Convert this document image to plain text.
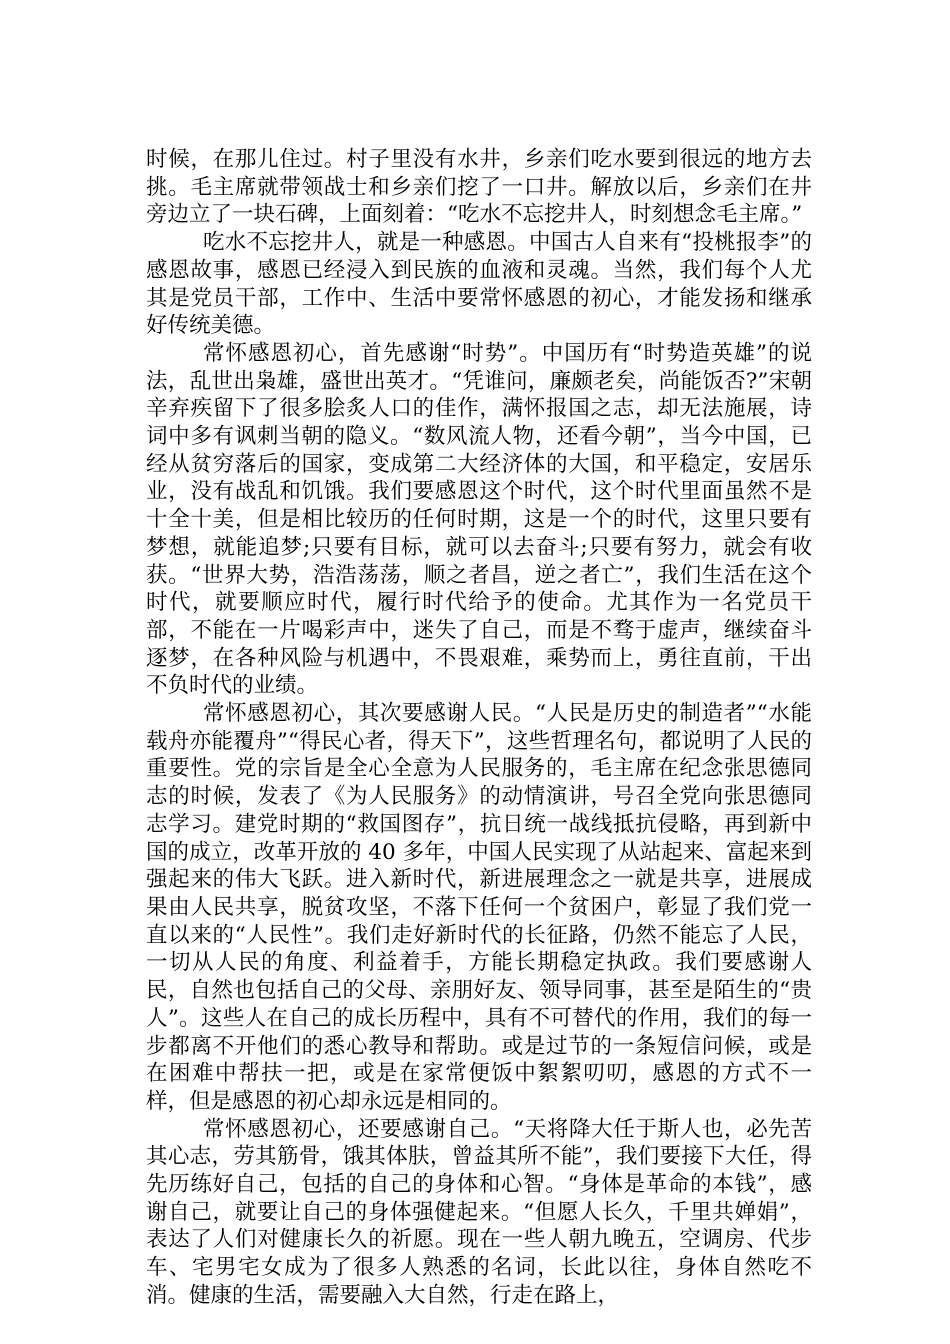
时候，在那儿住过。村子里没有水井，乡亲们吃水要到很远的地方去挑。毛主席就带领战士和乡亲们挖了一口井。解放以后，乡亲们在井旁边立了一块石碑，上面刻着：“吃水不忘挖井人，时刻想念毛主席。”

吃水不忘挖井人，就是一种感恩。中国古人自来有“投桃报李”的感恩故事，感恩已经浸入到民族的血液和灵魂。当然，我们每个人尤其是党员干部，工作中、生活中要常怀感恩的初心，才能发扬和继承好传统美德。

常怀感恩初心，首先感谢“时势”。中国历有“时势造英雄”的说法，乱世出枭雄，盛世出英才。“凭谁问，廉颇老矣，尚能饭否?”宋朝辛弃疾留下了很多脍炙人口的佳作，满怀报国之志，却无法施展，诗词中多有讽刺当朝的隐义。“数风流人物，还看今朝”，当今中国，已经从贫穷落后的国家，变成第二大经济体的大国，和平稳定，安居乐业，没有战乱和饥饿。我们要感恩这个时代，这个时代里面虽然不是十全十美，但是相比较历的任何时期，这是一个的时代，这里只要有梦想，就能追梦;只要有目标，就可以去奋斗;只要有努力，就会有收获。“世界大势，浩浩荡荡，顺之者昌，逆之者亡”，我们生活在这个时代，就要顺应时代，履行时代给予的使命。尤其作为一名党员干部，不能在一片喝彩声中，迷失了自己，而是不骛于虚声，继续奋斗逐梦，在各种风险与机遇中，不畏艰难，乘势而上，勇往直前，干出不负时代的业绩。

常怀感恩初心，其次要感谢人民。“人民是历史的制造者”“水能载舟亦能覆舟”“得民心者，得天下”，这些哲理名句，都说明了人民的重要性。党的宗旨是全心全意为人民服务的，毛主席在纪念张思德同志的时候，发表了《为人民服务》的动情演讲，号召全党向张思德同志学习。建党时期的“救国图存”，抗日统一战线抵抗侵略，再到新中国的成立，改革开放的 40 多年，中国人民实现了从站起来、富起来到强起来的伟大飞跃。进入新时代，新进展理念之一就是共享，进展成果由人民共享，脱贫攻坚，不落下任何一个贫困户，彰显了我们党一直以来的“人民性”。我们走好新时代的长征路，仍然不能忘了人民，一切从人民的角度、利益着手，方能长期稳定执政。我们要感谢人民，自然也包括自己的父母、亲朋好友、领导同事，甚至是陌生的“贵人”。这些人在自己的成长历程中，具有不可替代的作用，我们的每一步都离不开他们的悉心教导和帮助。或是过节的一条短信问候，或是在困难中帮扶一把，或是在家常便饭中絮絮叨叨，感恩的方式不一样，但是感恩的初心却永远是相同的。

常怀感恩初心，还要感谢自己。“天将降大任于斯人也，必先苦其心志，劳其筋骨，饿其体肤，曾益其所不能”，我们要接下大任，得先历练好自己，包括的自己的身体和心智。“身体是革命的本钱”，感谢自己，就要让自己的身体强健起来。“但愿人长久，千里共婵娟”，表达了人们对健康长久的祈愿。现在一些人朝九晚五，空调房、代步车、宅男宅女成为了很多人熟悉的名词，长此以往，身体自然吃不消。健康的生活，需要融入大自然，行走在路上，
